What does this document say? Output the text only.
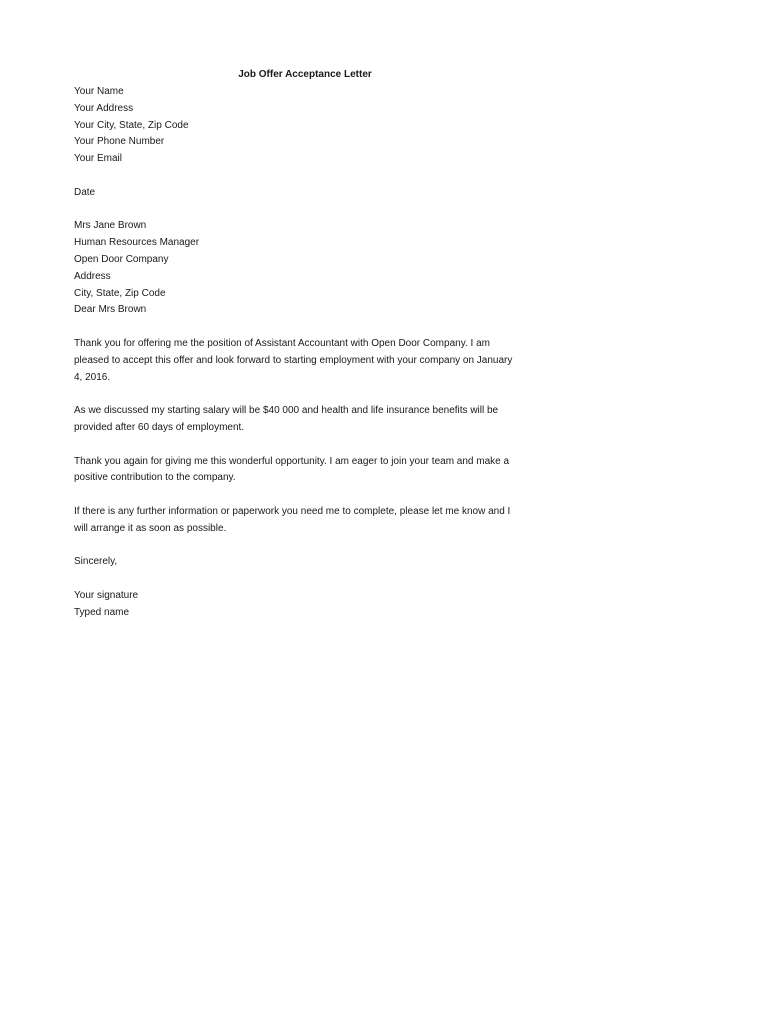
Job Offer Acceptance Letter
Your Name
Your Address
Your City, State, Zip Code
Your Phone Number
Your Email
Date
Mrs Jane Brown
Human Resources Manager
Open Door Company
Address
City, State, Zip Code
Dear Mrs Brown
Thank you for offering me the position of Assistant Accountant with Open Door Company. I am
pleased to accept this offer and look forward to starting employment with your company on January
4, 2016.
As we discussed my starting salary will be $40 000 and health and life insurance benefits will be
provided after 60 days of employment.
Thank you again for giving me this wonderful opportunity. I am eager to join your team and make a
positive contribution to the company.
If there is any further information or paperwork you need me to complete, please let me know and I
will arrange it as soon as possible.
Sincerely,
Your signature
Typed name
